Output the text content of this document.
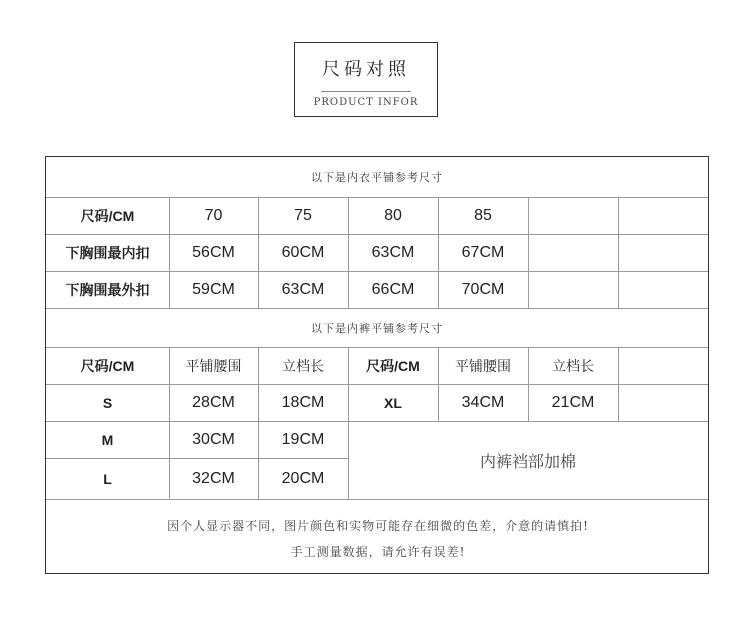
尺码对照
PRODUCT INFOR
以下是内衣平铺参考尺寸
尺码/CM	70	75	80	85
下胸围最内扣	56CM	60CM	63CM	67CM
下胸围最外扣	59CM	63CM	66CM	70CM
以下是内裤平铺参考尺寸
尺码/CM	平铺腰围	立档长	尺码/CM	平铺腰围	立档长
S	28CM	18CM	XL	34CM	21CM
M	30CM	19CM
L	32CM	20CM
内裤裆部加棉
因个人显示器不同，图片颜色和实物可能存在细微的色差，介意的请慎拍!
手工测量数据，请允许有误差!
